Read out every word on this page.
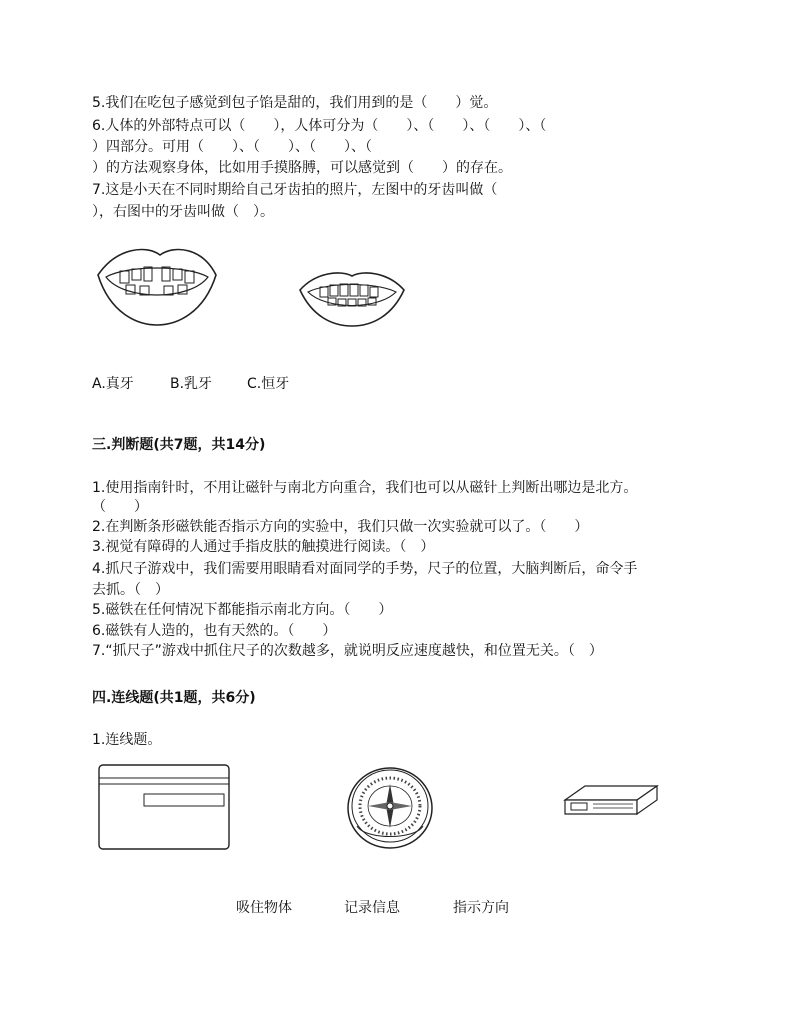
5.我们在吃包子感觉到包子馅是甜的，我们用到的是（　　）觉。
6.人体的外部特点可以（　　），人体可分为（　　）、（　　）、（　　）、（
）四部分。可用（　　）、（　　）、（　　）、（
）的方法观察身体，比如用手摸胳膊，可以感觉到（　　）的存在。
7.这是小天在不同时期给自己牙齿拍的照片，左图中的牙齿叫做（
），右图中的牙齿叫做（　）。
A.真牙	B.乳牙 C.恒牙
三.判断题(共7题，共14分)
1.使用指南针时，不用让磁针与南北方向重合，我们也可以从磁针上判断出哪边是北方。
（　　）
2.在判断条形磁铁能否指示方向的实验中，我们只做一次实验就可以了。（　　）
3.视觉有障碍的人通过手指皮肤的触摸进行阅读。（　）
4.抓尺子游戏中，我们需要用眼睛看对面同学的手势，尺子的位置，大脑判断后，命令手
去抓。（　）
5.磁铁在任何情况下都能指示南北方向。（　　）
6.磁铁有人造的，也有天然的。（　　）
7.“抓尺子”游戏中抓住尺子的次数越多，就说明反应速度越快，和位置无关。（　）
四.连线题(共1题，共6分)
1.连线题。
吸住物体	记录信息	指示方向
